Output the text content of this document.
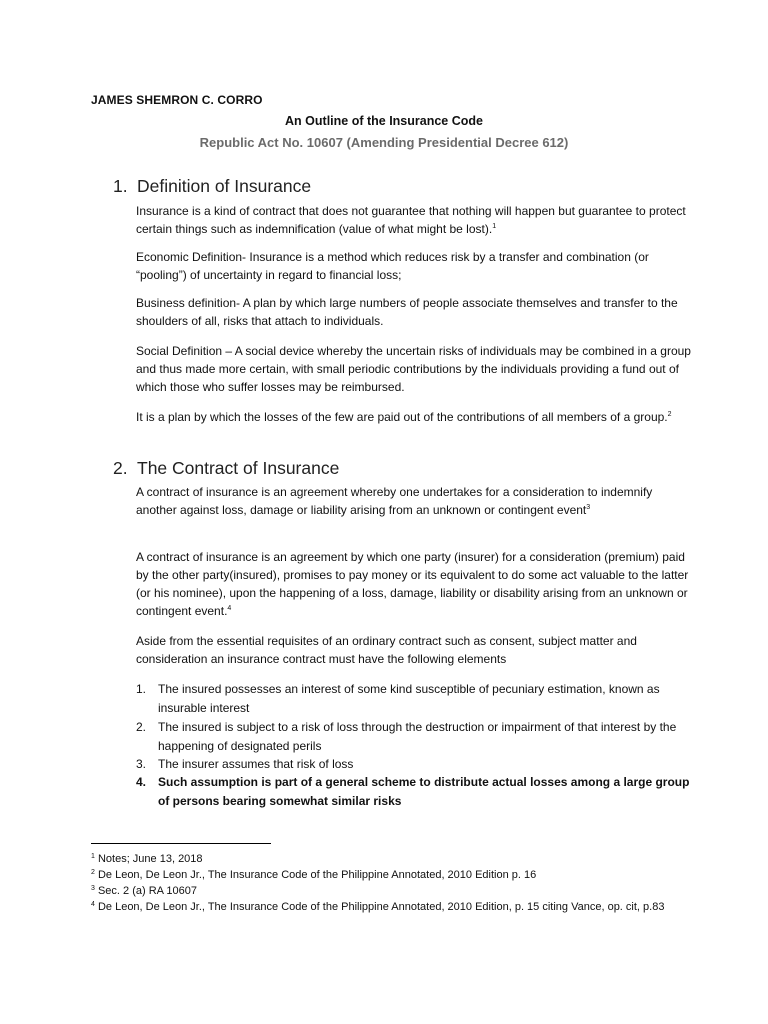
JAMES SHEMRON C. CORRO
An Outline of the Insurance Code
Republic Act No. 10607 (Amending Presidential Decree 612)
1. Definition of Insurance

Insurance is a kind of contract that does not guarantee that nothing will happen but guarantee to protect certain things such as indemnification (value of what might be lost).$^1$

Economic Definition- Insurance is a method which reduces risk by a transfer and combination (or “pooling”) of uncertainty in regard to financial loss;

Business definition- A plan by which large numbers of people associate themselves and transfer to the shoulders of all, risks that attach to individuals.

Social Definition – A social device whereby the uncertain risks of individuals may be combined in a group and thus made more certain, with small periodic contributions by the individuals providing a fund out of which those who suffer losses may be reimbursed.

It is a plan by which the losses of the few are paid out of the contributions of all members of a group.$^2$

2. The Contract of Insurance

A contract of insurance is an agreement whereby one undertakes for a consideration to indemnify another against loss, damage or liability arising from an unknown or contingent event$^3$

A contract of insurance is an agreement by which one party (insurer) for a consideration (premium) paid by the other party(insured), promises to pay money or its equivalent to do some act valuable to the latter (or his nominee), upon the happening of a loss, damage, liability or disability arising from an unknown or contingent event.$^4$

Aside from the essential requisites of an ordinary contract such as consent, subject matter and consideration an insurance contract must have the following elements

1. The insured possesses an interest of some kind susceptible of pecuniary estimation, known as insurable interest

2. The insured is subject to a risk of loss through the destruction or impairment of that interest by the happening of designated perils

3. The insurer assumes that risk of loss

4. Such assumption is part of a general scheme to distribute actual losses among a large group of persons bearing somewhat similar risks

$^1$ Notes; June 13, 2018

$^2$ De Leon, De Leon Jr., The Insurance Code of the Philippine Annotated, 2010 Edition p. 16

$^3$ Sec. 2 (a) RA 10607

$^4$ De Leon, De Leon Jr., The Insurance Code of the Philippine Annotated, 2010 Edition, p. 15 citing Vance, op. cit, p.83
